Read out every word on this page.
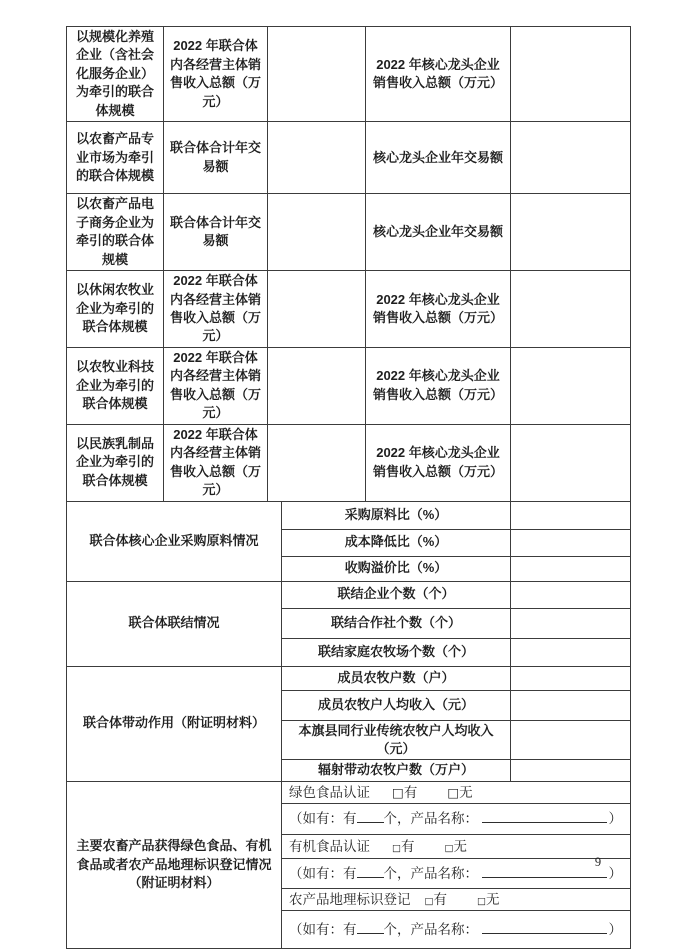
以规模化养殖企业（含社会化服务企业）为牵引的联合体规模	2022 年联合体内各经营主体销售收入总额（万元）			2022 年核心龙头企业销售收入总额（万元）	
以农畜产品专业市场为牵引的联合体规模	联合体合计年交易额			核心龙头企业年交易额	
以农畜产品电子商务企业为牵引的联合体规模	联合体合计年交易额			核心龙头企业年交易额	
以休闲农牧业企业为牵引的联合体规模	2022 年联合体内各经营主体销售收入总额（万元）			2022 年核心龙头企业销售收入总额（万元）	
以农牧业科技企业为牵引的联合体规模	2022 年联合体内各经营主体销售收入总额（万元）			2022 年核心龙头企业销售收入总额（万元）	
以民族乳制品企业为牵引的联合体规模	2022 年联合体内各经营主体销售收入总额（万元）			2022 年核心龙头企业销售收入总额（万元）	
联合体核心企业采购原料情况			采购原料比（%）		
			成本降低比（%）		
			收购溢价比（%）		
联合体联结情况			联结企业个数（个）		
			联结合作社个数（个）		
			联结家庭农牧场个数（个）		
联合体带动作用（附证明材料）			成员农牧户数（户）		
			成员农牧户人均收入（元）		
			本旗县同行业传统农牧户人均收入（元）		
			辐射带动农牧户数（万户）		
主要农畜产品获得绿色食品、有机食品或者农产品地理标识登记情况（附证明材料）			绿色食品认证 □有 □无		

			（如有：有 个，产品名称： ）		

			有机食品认证 □有 □无		

			（如有：有 个，产品名称： ）		

			农产品地理标识登记 □有 □无		

			（如有：有 个，产品名称： ）		
9
